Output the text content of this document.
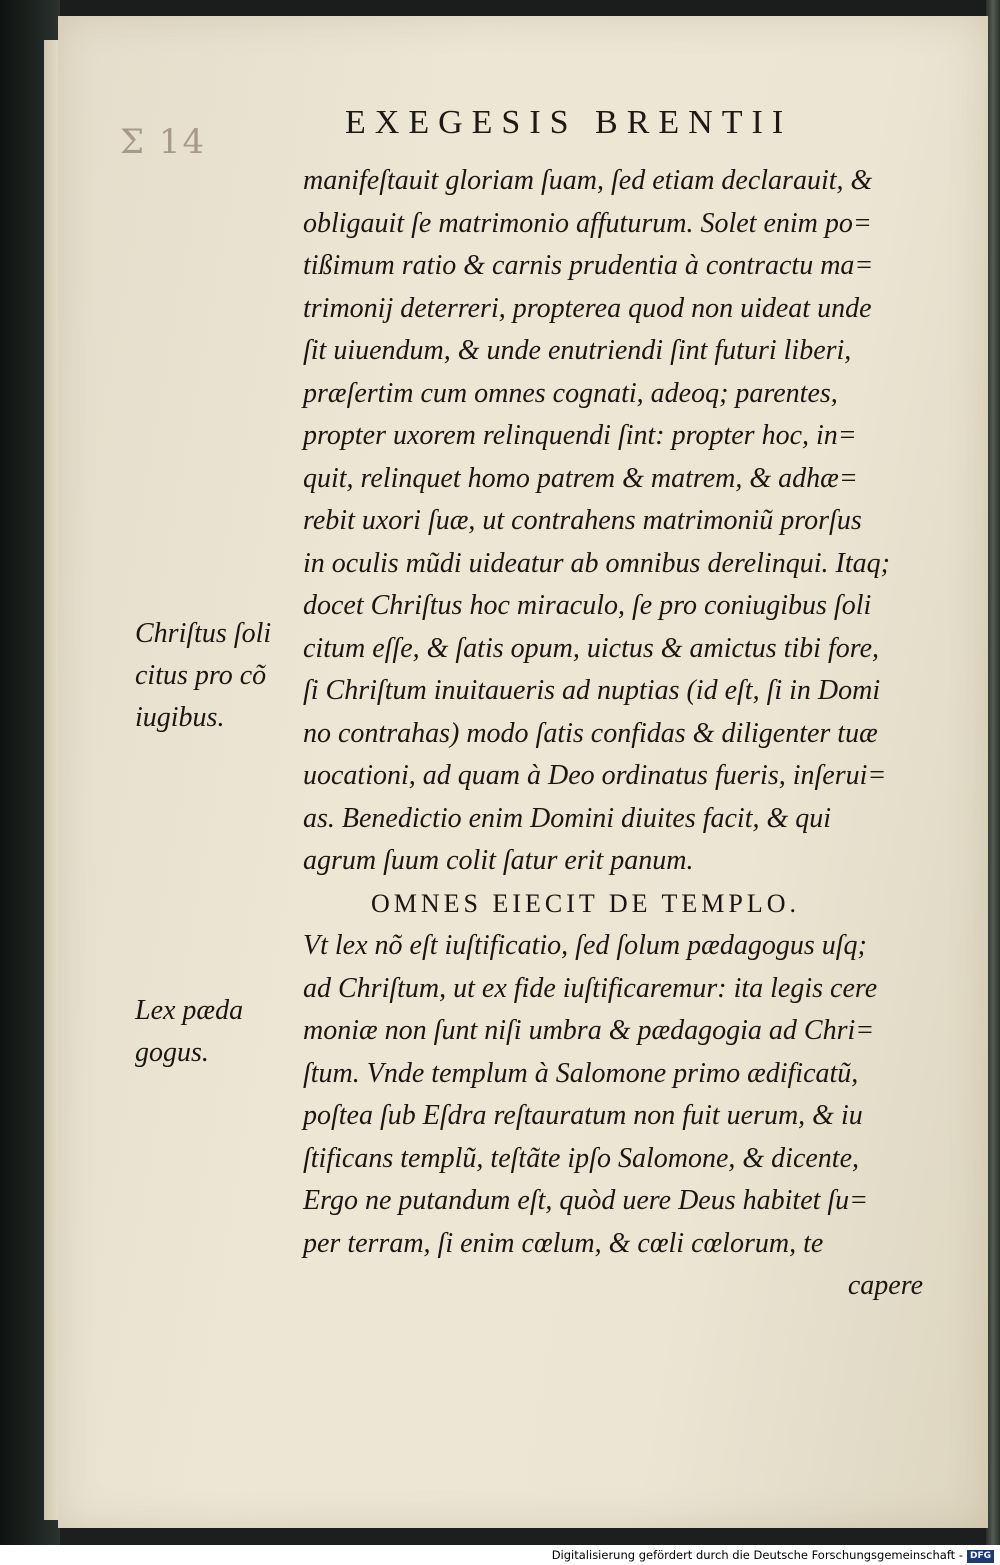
Σ 14	EXEGESIS BRENTII
manifeſtauit gloriam ſuam, ſed etiam declarauit, &
obligauit ſe matrimonio affuturum. Solet enim po=
tißimum ratio & carnis prudentia à contractu ma=
trimonij deterreri, propterea quod non uideat unde
ſit uiuendum, & unde enutriendi ſint futuri liberi,
præſertim cum omnes cognati, adeoq; parentes,
propter uxorem relinquendi ſint: propter hoc, in=
quit, relinquet homo patrem & matrem, & adhæ=
rebit uxori ſuæ, ut contrahens matrimoniũ prorſus
in oculis mũdi uideatur ab omnibus derelinqui. Itaq;
docet Chriſtus hoc miraculo, ſe pro coniugibus ſoli
citum eſſe, & ſatis opum, uictus & amictus tibi fore,
ſi Chriſtum inuitaueris ad nuptias (id eſt, ſi in Domi
no contrahas) modo ſatis confidas & diligenter tuæ
uocationi, ad quam à Deo ordinatus fueris, inſerui=
as. Benedictio enim Domini diuites facit, & qui
agrum ſuum colit ſatur erit panum.
OMNES EIECIT DE TEMPLO.
Vt lex nõ eſt iuſtificatio, ſed ſolum pædagogus uſq;
ad Chriſtum, ut ex fide iuſtificaremur: ita legis cere
moniæ non ſunt niſi umbra & pædagogia ad Chri=
ſtum. Vnde templum à Salomone primo ædificatũ,
poſtea ſub Eſdra reſtauratum non fuit uerum, & iu
ſtificans templũ, teſtãte ipſo Salomone, & dicente,
Ergo ne putandum eſt, quòd uere Deus habitet ſu=
per terram, ſi enim cœlum, & cœli cœlorum, te
capere
Chriſtus ſoli
citus pro cõ
iugibus.
Lex pæda
gogus.
Digitalisierung gefördert durch die Deutsche Forschungsgemeinschaft - DFG
